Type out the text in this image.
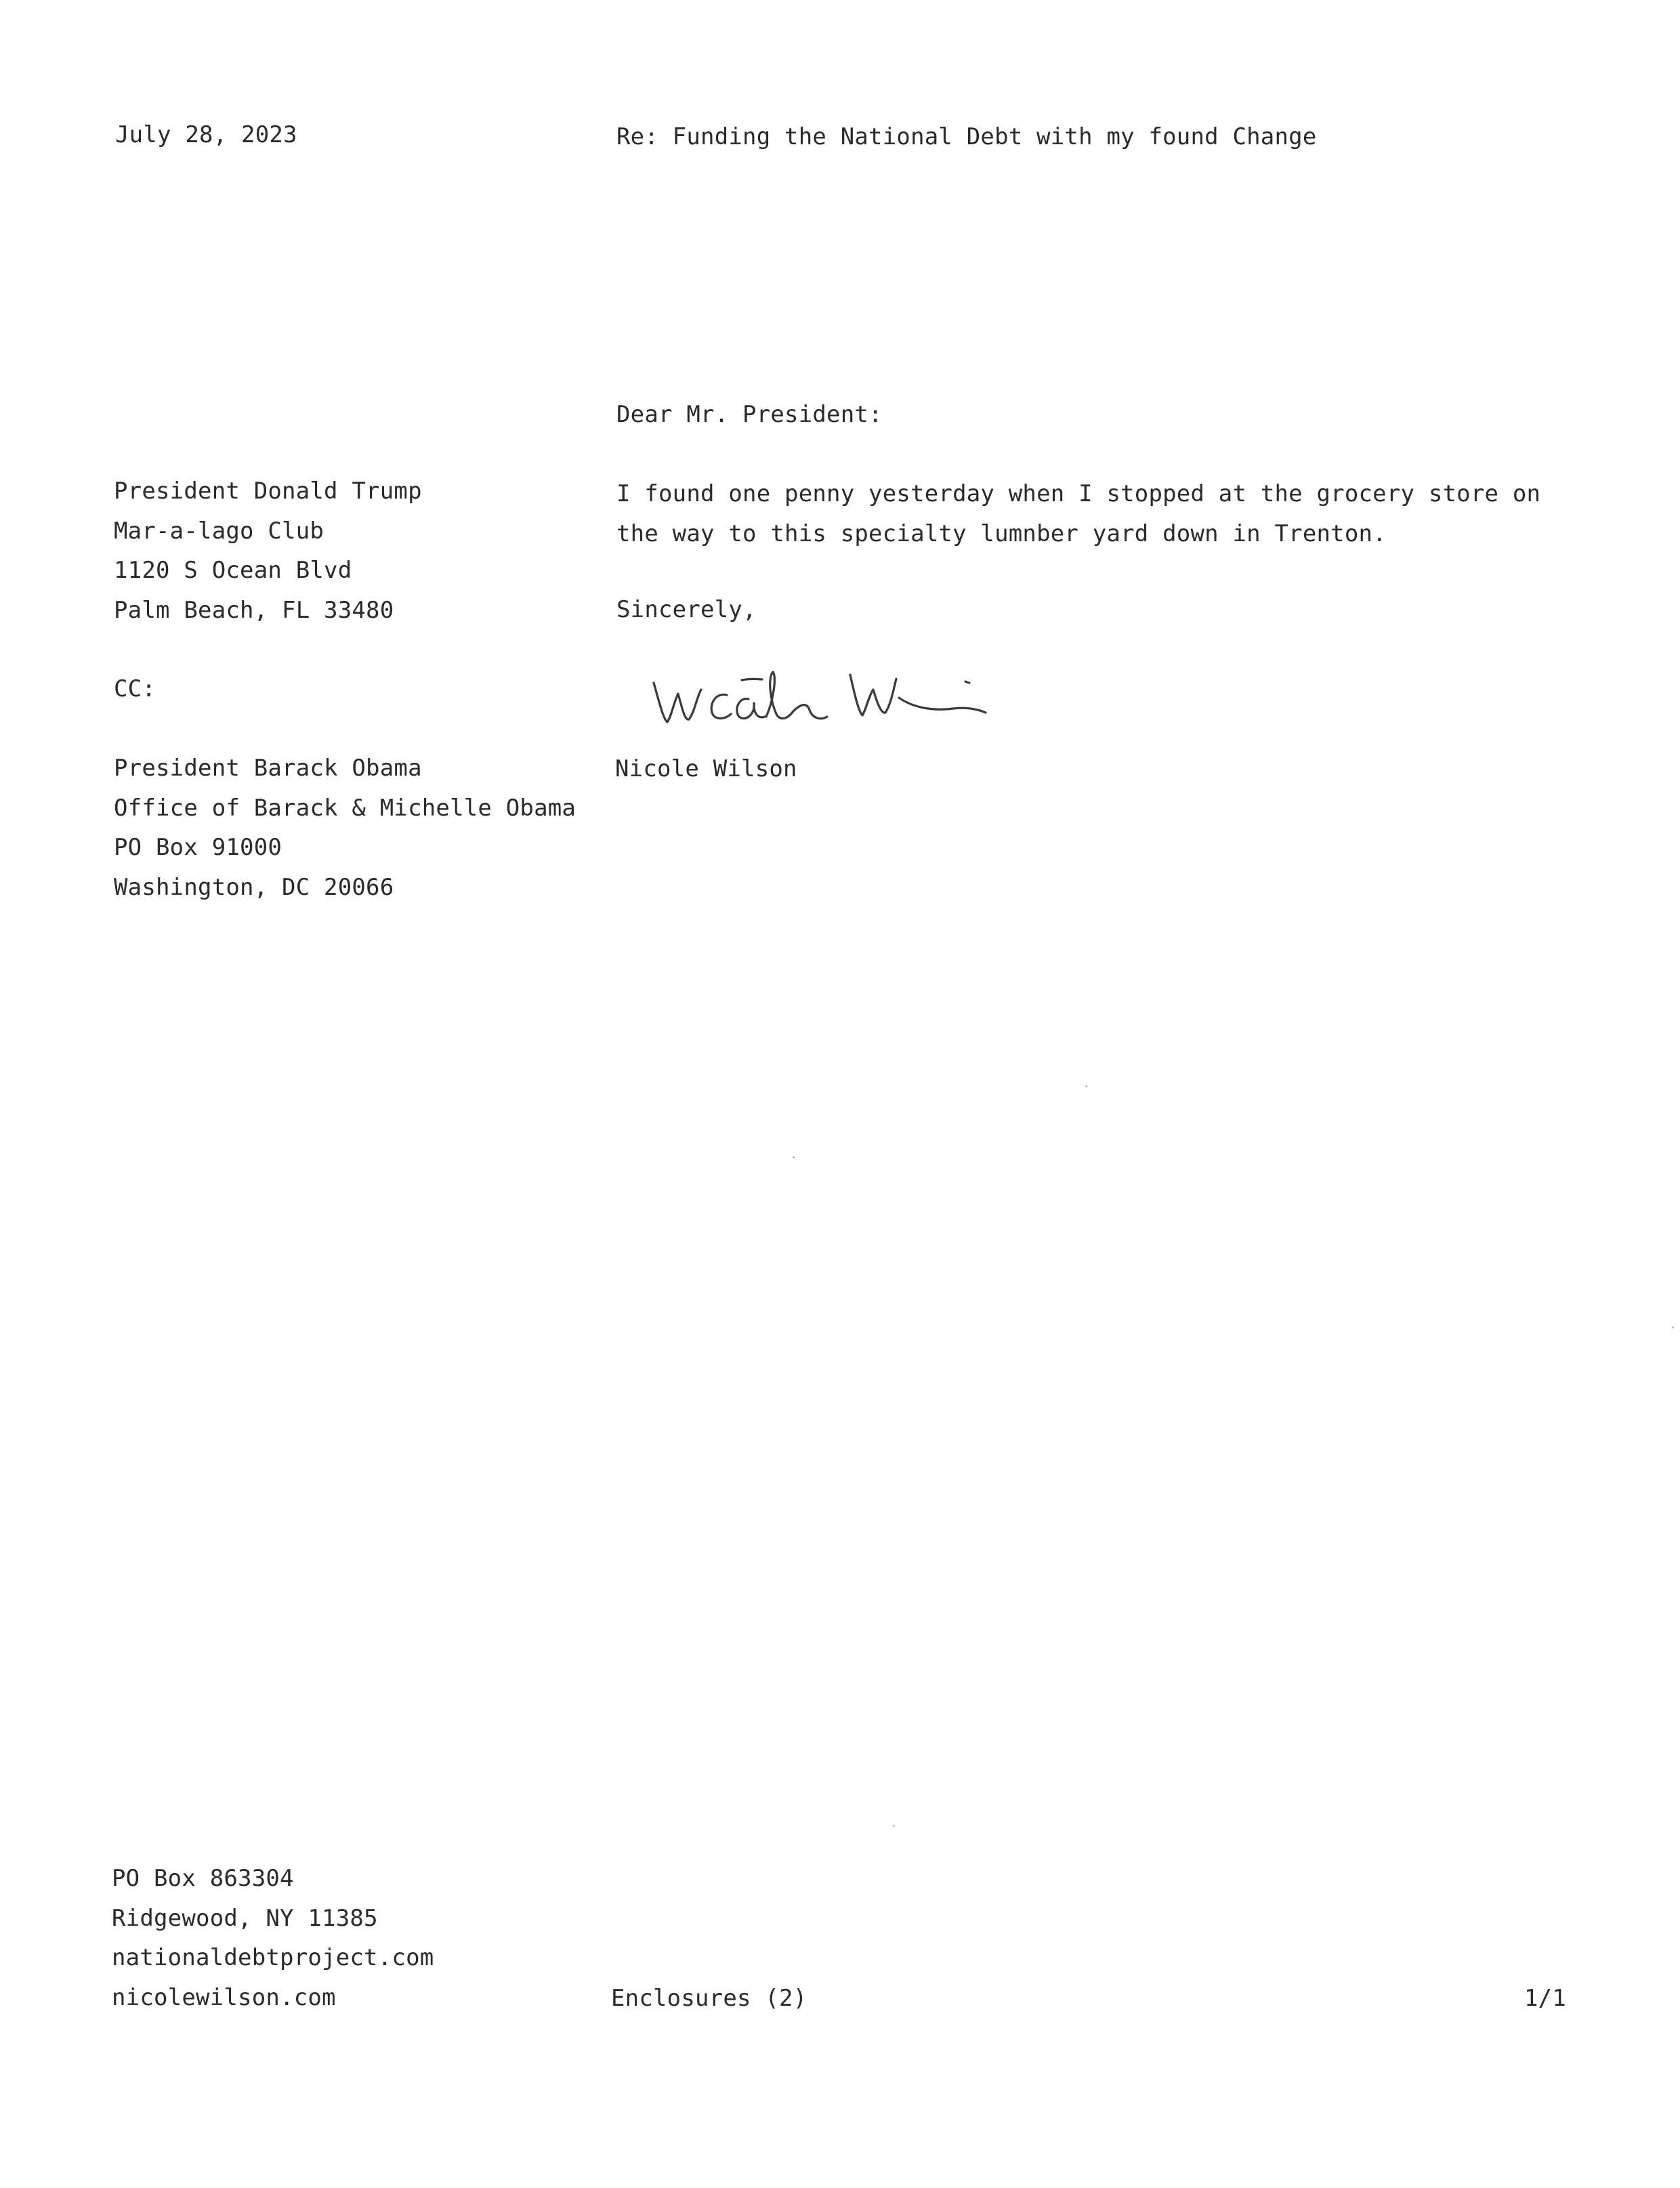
July 28, 2023	Re: Funding the National Debt with my found Change
Dear Mr. President:
President Donald Trump
Mar-a-lago Club
1120 S Ocean Blvd
Palm Beach, FL 33480
I found one penny yesterday when I stopped at the grocery store on
the way to this specialty lumnber yard down in Trenton.
Sincerely,
CC:
Nicole Wilson
President Barack Obama
Office of Barack & Michelle Obama
PO Box 91000
Washington, DC 20066
PO Box 863304
Ridgewood, NY 11385
nationaldebtproject.com
nicolewilson.com	Enclosures (2)	1/1
